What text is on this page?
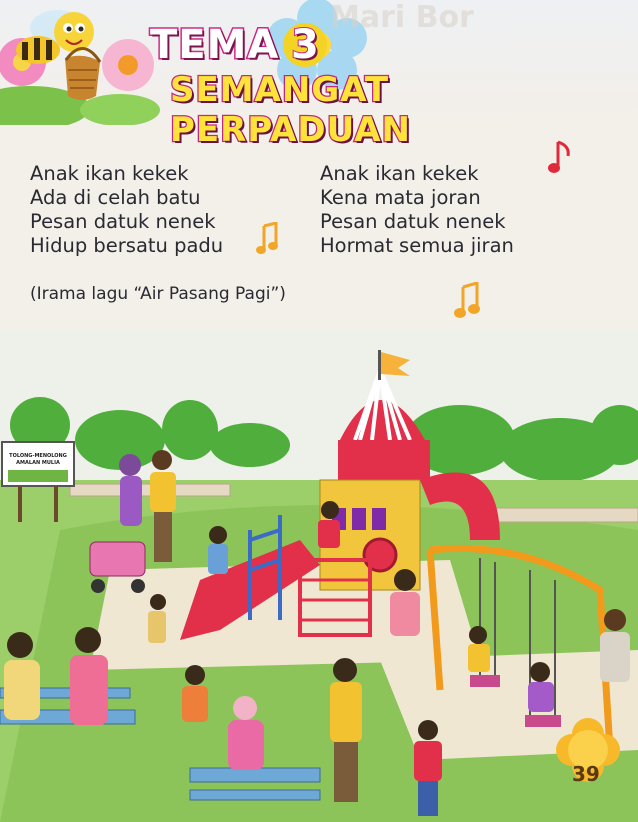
Mari Bor
TEMA 3
SEMANGAT PERPADUAN
Anak ikan kekek
Ada di celah batu
Pesan datuk nenek
Hidup bersatu padu
Anak ikan kekek
Kena mata joran
Pesan datuk nenek
Hormat semua jiran
(Irama lagu “Air Pasang Pagi”)
TOLONG-MENOLONG
AMALAN MULIA
39
